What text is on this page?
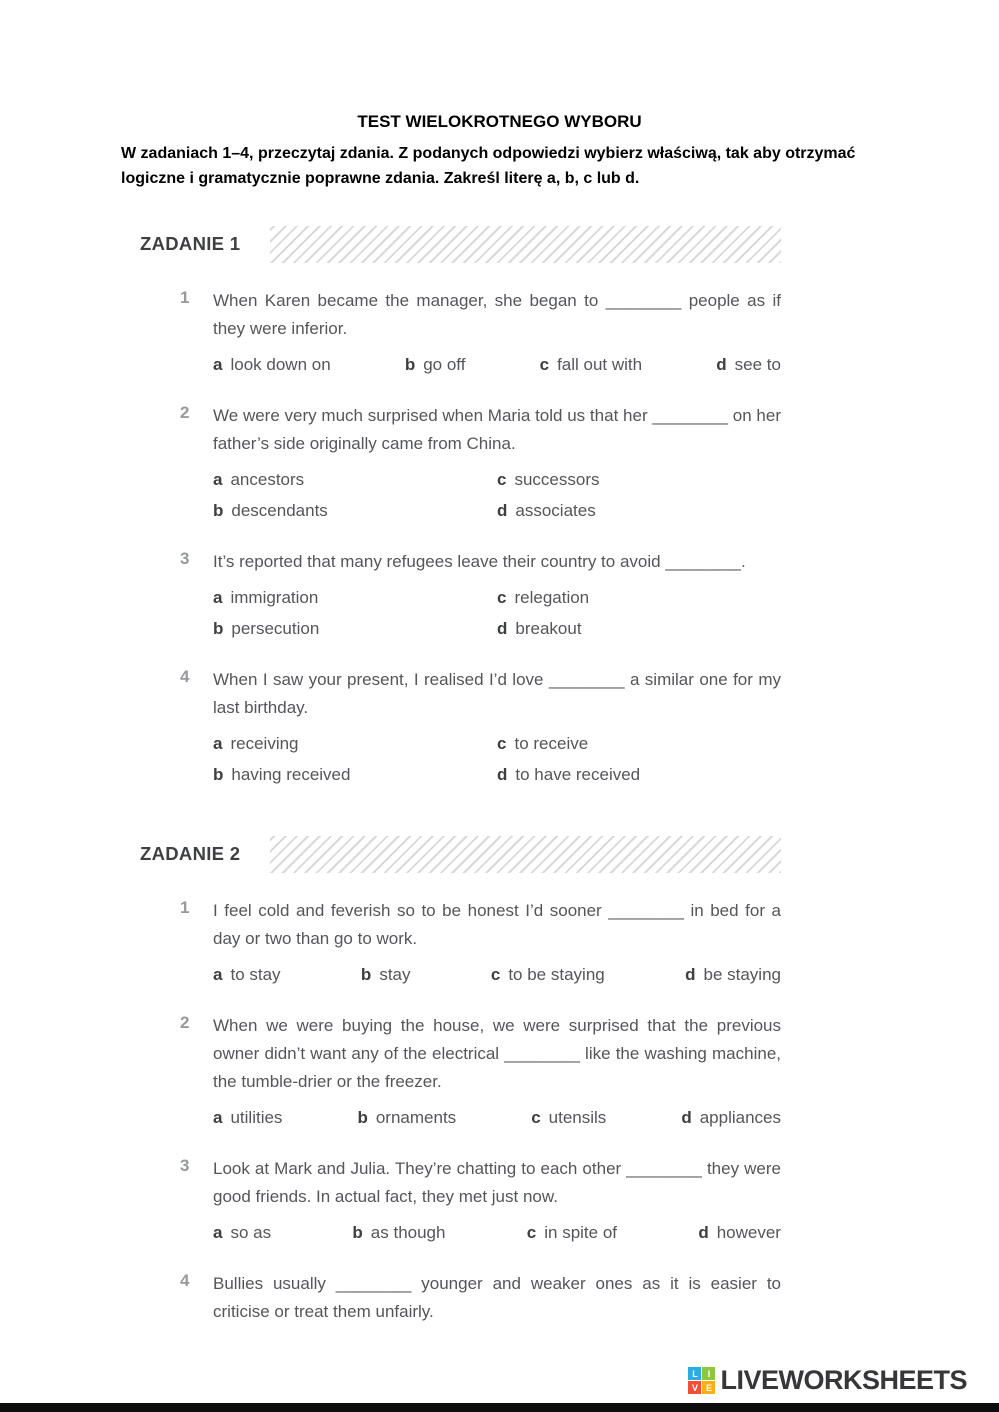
TEST WIELOKROTNEGO WYBORU

W zadaniach 1–4, przeczytaj zdania. Z podanych odpowiedzi wybierz właściwą, tak aby otrzymać logiczne i gramatycznie poprawne zdania. Zakreśl literę a, b, c lub d.

ZADANIE 1
1	When Karen became the manager, she began to ________ people as if they were inferior.

a look down on	b go off	c fall out with	d see to
2	We were very much surprised when Maria told us that her ________ on her father’s side originally came from China.

a ancestors
b descendants
c successors
d associates
3	It’s reported that many refugees leave their country to avoid ________.

a immigration
b persecution
c relegation
d breakout
4	When I saw your present, I realised I’d love ________ a similar one for my last birthday.

a receiving
b having received
c to receive
d to have received
ZADANIE 2
1	I feel cold and feverish so to be honest I’d sooner ________ in bed for a day or two than go to work.

a to stay	b stay	c to be staying	d be staying
2	When we were buying the house, we were surprised that the previous owner didn’t want any of the electrical ________ like the washing machine, the tumble-drier or the freezer.

a utilities	b ornaments	c utensils	d appliances
3	Look at Mark and Julia. They’re chatting to each other ________ they were good friends. In actual fact, they met just now.

a so as	b as though	c in spite of	d however
4	Bullies usually ________ younger and weaker ones as it is easier to criticise or treat them unfairly.

L	I
V E LIVEWORKSHEETS
